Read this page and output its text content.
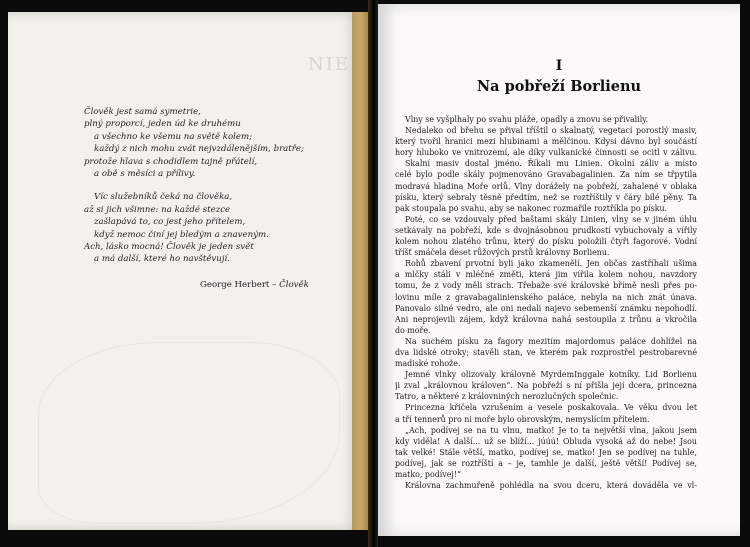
NIE
Člověk jest samá symetrie,
plný proporcí, jeden úd ke druhému
a všechno ke všemu na světě kolem;
každý z nich mohu zvát nejvzdálenějším, bratře;
protože hlava s chodidlem tajně přátelí,
a obě s měsíci a přílivy.
Víc služebníků čeká na člověka,
až si jich všimne: na každé stezce
zašlapává to, co jest jeho přítelem,
když nemoc činí jej bledým a znaveným.
Ach, lásko mocná! Člověk je jeden svět
a má další, které ho navštěvují.
George Herbert – Člověk
I
Na pobřeží Borlienu
Vlny se vyšplhaly po svahu pláže, opadly a znovu se přivalily.
Nedaleko od břehu se přival tříštil o skalnatý, vegetací porostlý masiv,
který tvořil hranici mezi hlubinami a mělčinou. Kdysi dávno byl součástí
hory hluboko ve vnitrozemí, ale díky vulkanické činnosti se ocitl v zálivu.
Skalní masiv dostal jméno. Říkali mu Linien. Okolní záliv a místo
celé bylo podle skály pojmenováno Gravabagalinien. Za ním se třpytila
modravá hladina Moře orlů. Vlny dorážely na pobřeží, zahalené v oblaka
písku, který sebraly těsně předtím, než se roztříštily v čáry bílé pěny. Ta
pak stoupala po svahu, aby se nakonec rozmařile roztříkla po písku.
Poté, co se vzdouvaly před baštami skály Linien, vlny se v jiném úhlu
setkávaly na pobřeží, kde s dvojnásobnou prudkostí vybuchovaly a vířily
kolem nohou zlatého trůnu, který do písku položili čtyři fagorové. Vodní
tříšť smáčela deset růžových prstů královny Borlienu.
Rohů zbavení prvotní byli jako zkamenělí. Jen občas zastříhali ušima
a mlčky stáli v mléčné změti, která jim vířila kolem nohou, navzdory
tomu, že z vody měli strach. Třebaže své královské břímě nesli přes po-
lovinu míle z gravabagalinienského paláce, nebyla na nich znát únava.
Panovalo silné vedro, ale oni nedali najevo sebemenší známku nepohodlí.
Ani neprojevili zájem, když královna nahá sestoupila z trůnu a vkročila
do moře.
Na suchém písku za fagory mezitím majordomus paláce dohlížel na
dva lidské otroky; stavěli stan, ve kterém pak rozprostřel pestrobarevné
madiské rohože.
Jemné vlnky olizovaly královně MyrdemInggale kotníky. Lid Borlienu
ji zval „královnou královen“. Na pobřeží s ní přišla její dcera, princezna
Tatro, a některé z královniných nerozlučných společnic.
Princezna křičela vzrušením a vesele poskakovala. Ve věku dvou let
a tří tennerů pro ni moře bylo obrovským, nemyslícím přítelem.
„Ach, podívej se na tu vlnu, matko! Je to ta největší vlna, jakou jsem
kdy viděla! A další... už se blíží... júúú! Obluda vysoká až do nebe! Jsou
tak velké! Stále větší, matko, podívej se, matko! Jen se podívej na tuhle,
podívej, jak se roztříští a – je, tamhle je další, ještě větší! Podívej se,
matko, podívej!“
Královna zachmuřeně pohlédla na svou dceru, která dováděla ve vl-
